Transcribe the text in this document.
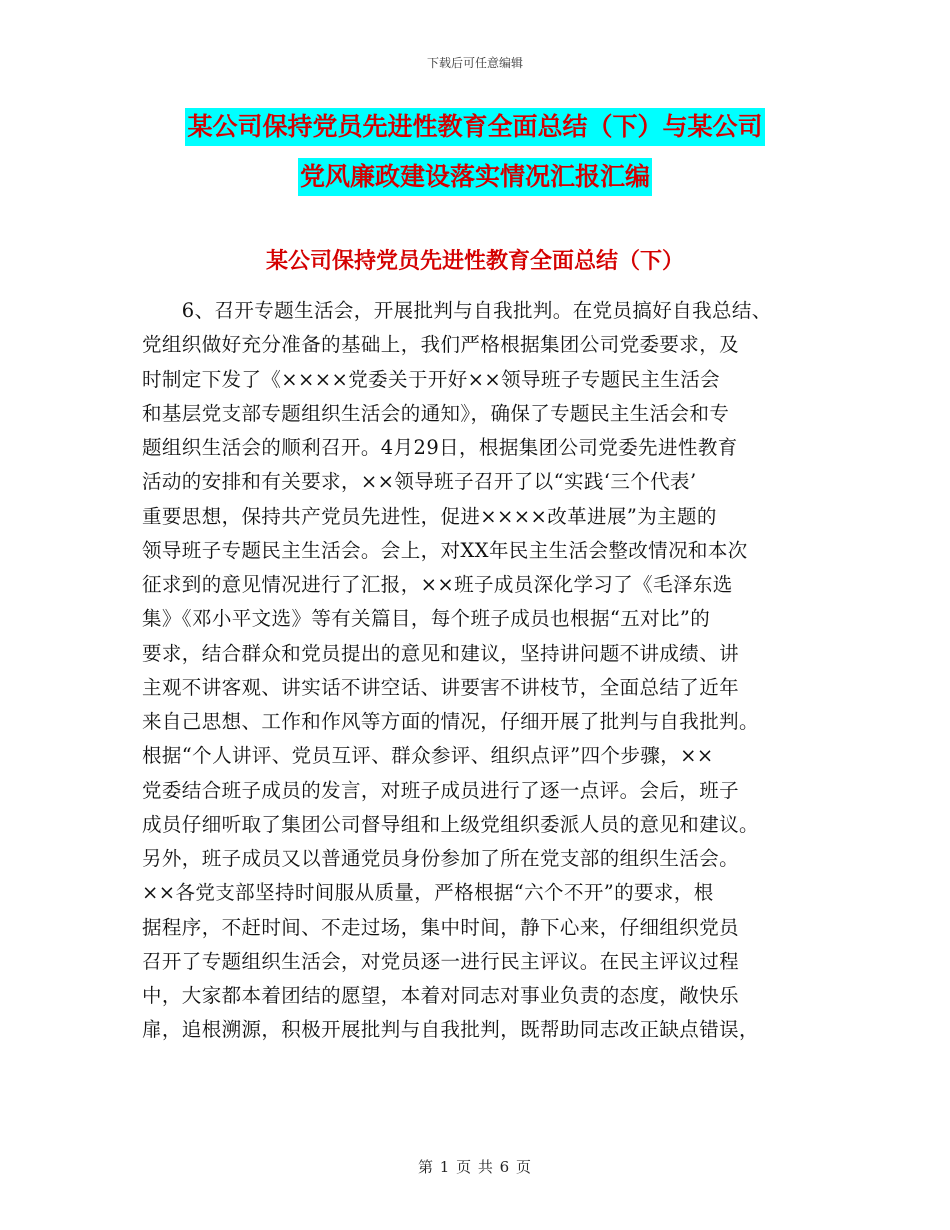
下载后可任意编辑
某公司保持党员先进性教育全面总结（下）与某公司
党风廉政建设落实情况汇报汇编
某公司保持党员先进性教育全面总结（下）
　　6、召开专题生活会，开展批判与自我批判。在党员搞好自我总结、
党组织做好充分准备的基础上，我们严格根据集团公司党委要求，及
时制定下发了《××××党委关于开好××领导班子专题民主生活会
和基层党支部专题组织生活会的通知》，确保了专题民主生活会和专
题组织生活会的顺利召开。4月29日，根据集团公司党委先进性教育
活动的安排和有关要求，××领导班子召开了以“实践‘三个代表’
重要思想，保持共产党员先进性，促进××××改革进展”为主题的
领导班子专题民主生活会。会上，对XX年民主生活会整改情况和本次
征求到的意见情况进行了汇报，××班子成员深化学习了《毛泽东选
集》《邓小平文选》等有关篇目，每个班子成员也根据“五对比”的
要求，结合群众和党员提出的意见和建议，坚持讲问题不讲成绩、讲
主观不讲客观、讲实话不讲空话、讲要害不讲枝节，全面总结了近年
来自己思想、工作和作风等方面的情况，仔细开展了批判与自我批判。
根据“个人讲评、党员互评、群众参评、组织点评”四个步骤，××
党委结合班子成员的发言，对班子成员进行了逐一点评。会后，班子
成员仔细听取了集团公司督导组和上级党组织委派人员的意见和建议。
另外，班子成员又以普通党员身份参加了所在党支部的组织生活会。
××各党支部坚持时间服从质量，严格根据“六个不开”的要求，根
据程序，不赶时间、不走过场，集中时间，静下心来，仔细组织党员
召开了专题组织生活会，对党员逐一进行民主评议。在民主评议过程
中，大家都本着团结的愿望，本着对同志对事业负责的态度，敞快乐
扉，追根溯源，积极开展批判与自我批判，既帮助同志改正缺点错误，
第 1 页 共 6 页
